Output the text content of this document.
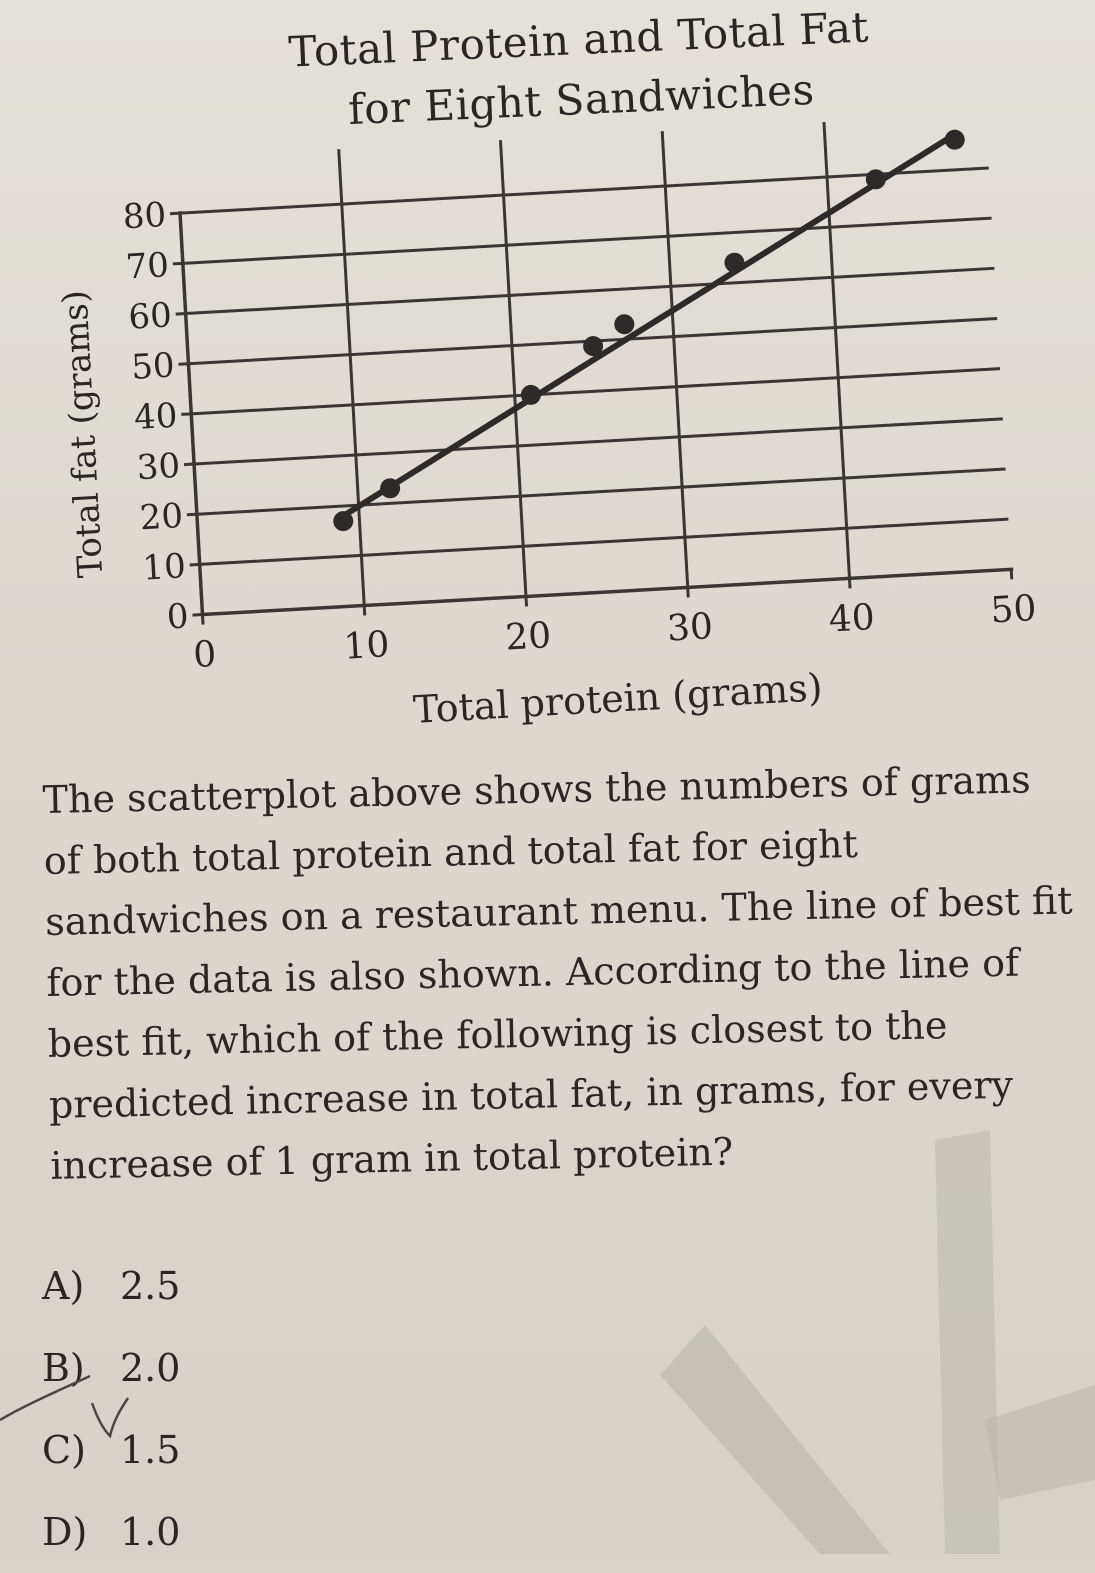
Total Protein and Total Fat
for Eight Sandwiches
0
10
20
30
40
50
60
70
80
0	10	20	30	40	50
Total protein (grams)
Total fat (grams)
The scatterplot above shows the numbers of grams of both total protein and total fat for eight sandwiches on a restaurant menu. The line of best fit for the data is also shown. According to the line of best fit, which of the following is closest to the predicted increase in total fat, in grams, for every increase of 1 gram in total protein?
A) 2.5
B) 2.0
C) 1.5
D) 1.0
